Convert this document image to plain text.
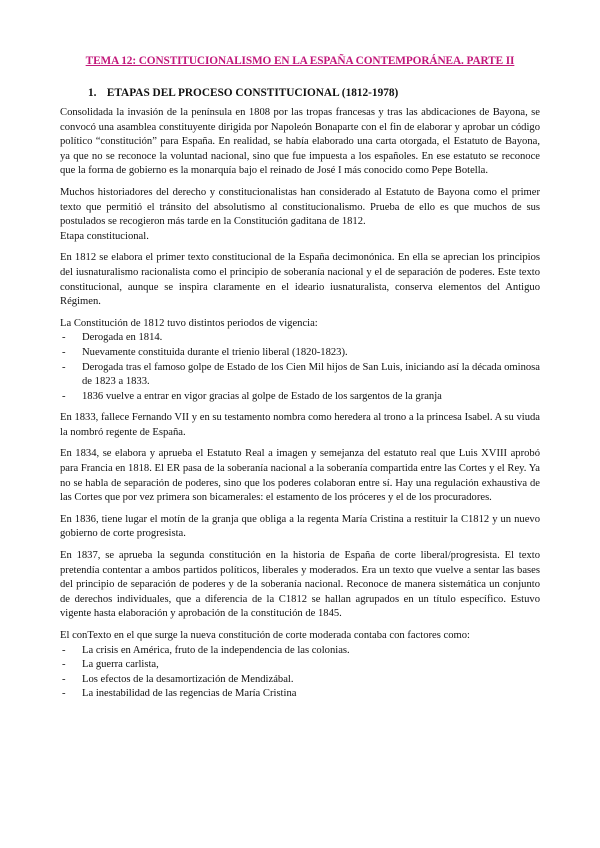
TEMA 12: CONSTITUCIONALISMO EN LA ESPAÑA CONTEMPORÁNEA. PARTE II
1. ETAPAS DEL PROCESO CONSTITUCIONAL (1812-1978)

Consolidada la invasión de la península en 1808 por las tropas francesas y tras las abdicaciones de Bayona, se convocó una asamblea constituyente dirigida por Napoleón Bonaparte con el fin de elaborar y aprobar un código político “constitución” para España. En realidad, se había elaborado una carta otorgada, el Estatuto de Bayona, ya que no se reconoce la voluntad nacional, sino que fue impuesta a los españoles. En ese estatuto se reconoce que la forma de gobierno es la monarquía bajo el reinado de José I más conocido como Pepe Botella.

Muchos historiadores del derecho y constitucionalistas han considerado al Estatuto de Bayona como el primer texto que permitió el tránsito del absolutismo al constitucionalismo. Prueba de ello es que muchos de sus postulados se recogieron más tarde en la Constitución gaditana de 1812.

Etapa constitucional.

En 1812 se elabora el primer texto constitucional de la España decimonónica. En ella se aprecian los principios del iusnaturalismo racionalista como el principio de soberanía nacional y el de separación de poderes. Este texto constitucional, aunque se inspira claramente en el ideario iusnaturalista, conserva elementos del Antiguo Régimen.

La Constitución de 1812 tuvo distintos periodos de vigencia:

- Derogada en 1814.
- Nuevamente constituida durante el trienio liberal (1820-1823).
- Derogada tras el famoso golpe de Estado de los Cien Mil hijos de San Luis, iniciando así la década ominosa de 1823 a 1833.
- 1836 vuelve a entrar en vigor gracias al golpe de Estado de los sargentos de la granja

En 1833, fallece Fernando VII y en su testamento nombra como heredera al trono a la princesa Isabel. A su viuda la nombró regente de España.

En 1834, se elabora y aprueba el Estatuto Real a imagen y semejanza del estatuto real que Luis XVIII aprobó para Francia en 1818. El ER pasa de la soberanía nacional a la soberanía compartida entre las Cortes y el Rey. Ya no se habla de separación de poderes, sino que los poderes colaboran entre sí. Hay una regulación exhaustiva de las Cortes que por vez primera son bicamerales: el estamento de los próceres y el de los procuradores.

En 1836, tiene lugar el motín de la granja que obliga a la regenta María Cristina a restituir la C1812 y un nuevo gobierno de corte progresista.

En 1837, se aprueba la segunda constitución en la historia de España de corte liberal/progresista. El texto pretendía contentar a ambos partidos políticos, liberales y moderados. Era un texto que vuelve a sentar las bases del principio de separación de poderes y de la soberanía nacional. Reconoce de manera sistemática un conjunto de derechos individuales, que a diferencia de la C1812 se hallan agrupados en un título específico. Estuvo vigente hasta elaboración y aprobación de la constitución de 1845.

El conTexto en el que surge la nueva constitución de corte moderada contaba con factores como:

- La crisis en América, fruto de la independencia de las colonias.
- La guerra carlista,
- Los efectos de la desamortización de Mendizábal.
- La inestabilidad de las regencias de María Cristina
